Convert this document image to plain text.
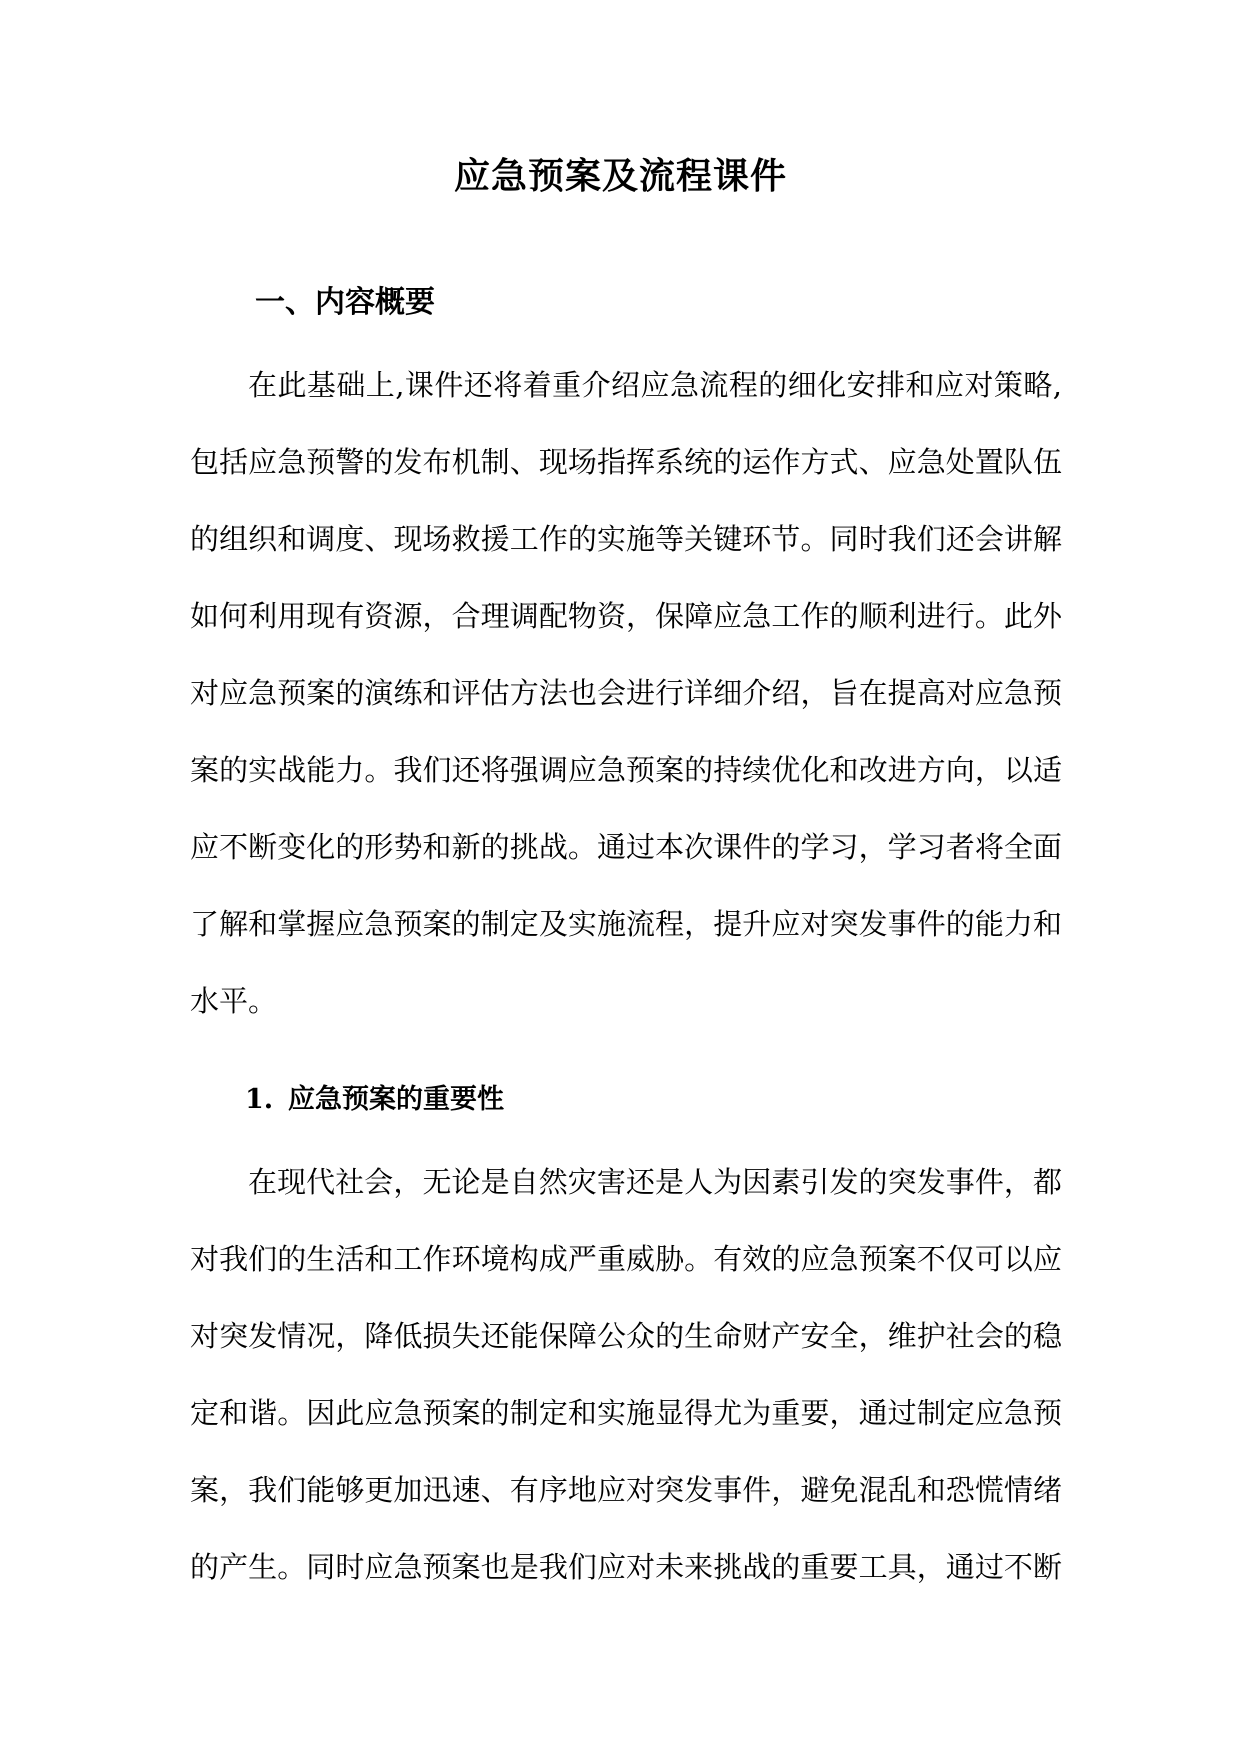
应急预案及流程课件
一、内容概要
在此基础上,课件还将着重介绍应急流程的细化安排和应对策略,
包括应急预警的发布机制、现场指挥系统的运作方式、应急处置队伍
的组织和调度、现场救援工作的实施等关键环节。同时我们还会讲解
如何利用现有资源，合理调配物资，保障应急工作的顺利进行。此外
对应急预案的演练和评估方法也会进行详细介绍，旨在提高对应急预
案的实战能力。我们还将强调应急预案的持续优化和改进方向，以适
应不断变化的形势和新的挑战。通过本次课件的学习，学习者将全面
了解和掌握应急预案的制定及实施流程，提升应对突发事件的能力和
水平。
1. 应急预案的重要性
在现代社会，无论是自然灾害还是人为因素引发的突发事件，都
对我们的生活和工作环境构成严重威胁。有效的应急预案不仅可以应
对突发情况，降低损失还能保障公众的生命财产安全，维护社会的稳
定和谐。因此应急预案的制定和实施显得尤为重要，通过制定应急预
案，我们能够更加迅速、有序地应对突发事件，避免混乱和恐慌情绪
的产生。同时应急预案也是我们应对未来挑战的重要工具，通过不断
